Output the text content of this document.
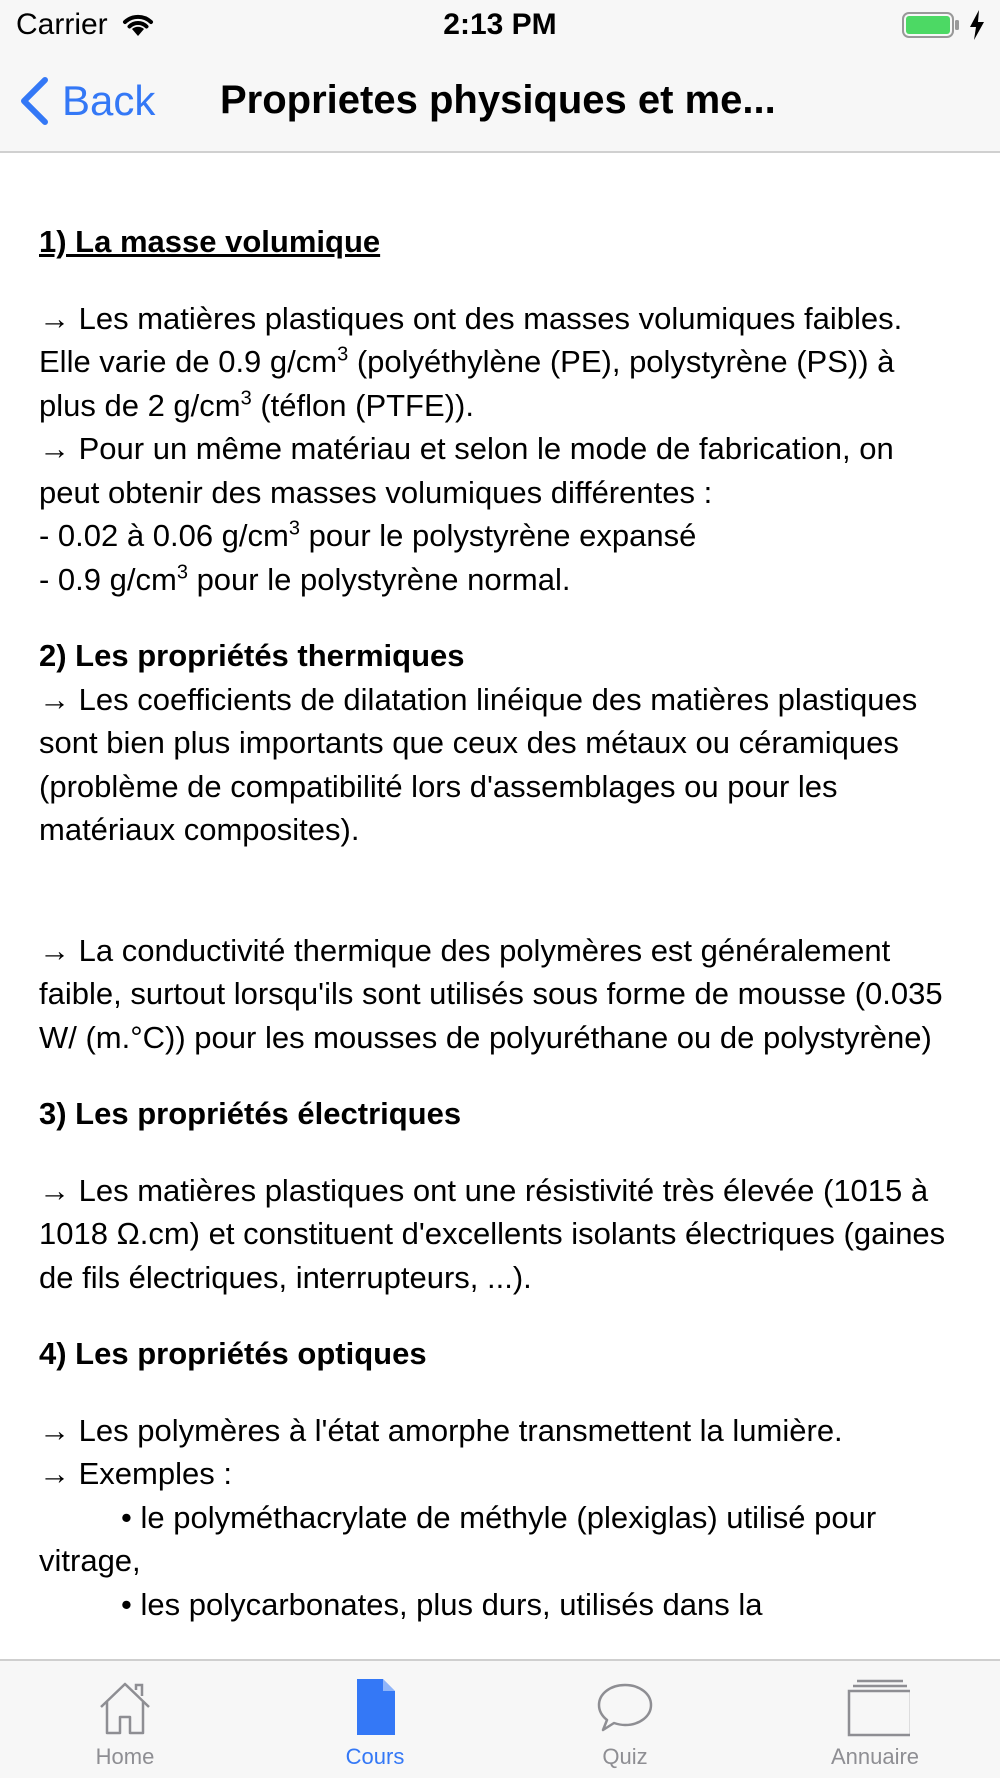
Carrier	2:13 PM
Back Proprietes physiques et me...

1) La masse volumique

→ Les matières plastiques ont des masses volumiques faibles. Elle varie de 0.9 $g/cm^3$ (polyéthylène (PE), polystyrène (PS)) à plus de 2 $g/cm^3$ (téflon (PTFE)).

→ Pour un même matériau et selon le mode de fabrication, on peut obtenir des masses volumiques différentes :

- 0.02 à 0.06 $g/cm^3$ pour le polystyrène expansé

- 0.9 $g/cm^3$ pour le polystyrène normal.

2) Les propriétés thermiques

→ Les coefficients de dilatation linéique des matières plastiques sont bien plus importants que ceux des métaux ou céramiques (problème de compatibilité lors d'assemblages ou pour les matériaux composites).

→ La conductivité thermique des polymères est généralement faible, surtout lorsqu'ils sont utilisés sous forme de mousse (0.035 W/ (m.°C)) pour les mousses de polyuréthane ou de polystyrène)

3) Les propriétés électriques

→ Les matières plastiques ont une résistivité très élevée (1015 à 1018 Ω.cm) et constituent d'excellents isolants électriques (gaines de fils électriques, interrupteurs, ...).

4) Les propriétés optiques

→ Les polymères à l'état amorphe transmettent la lumière.

→ Exemples :

• le polyméthacrylate de méthyle (plexiglas) utilisé pour vitrage,

• les polycarbonates, plus durs, utilisés dans la

Home	Cours	Quiz	Annuaire
